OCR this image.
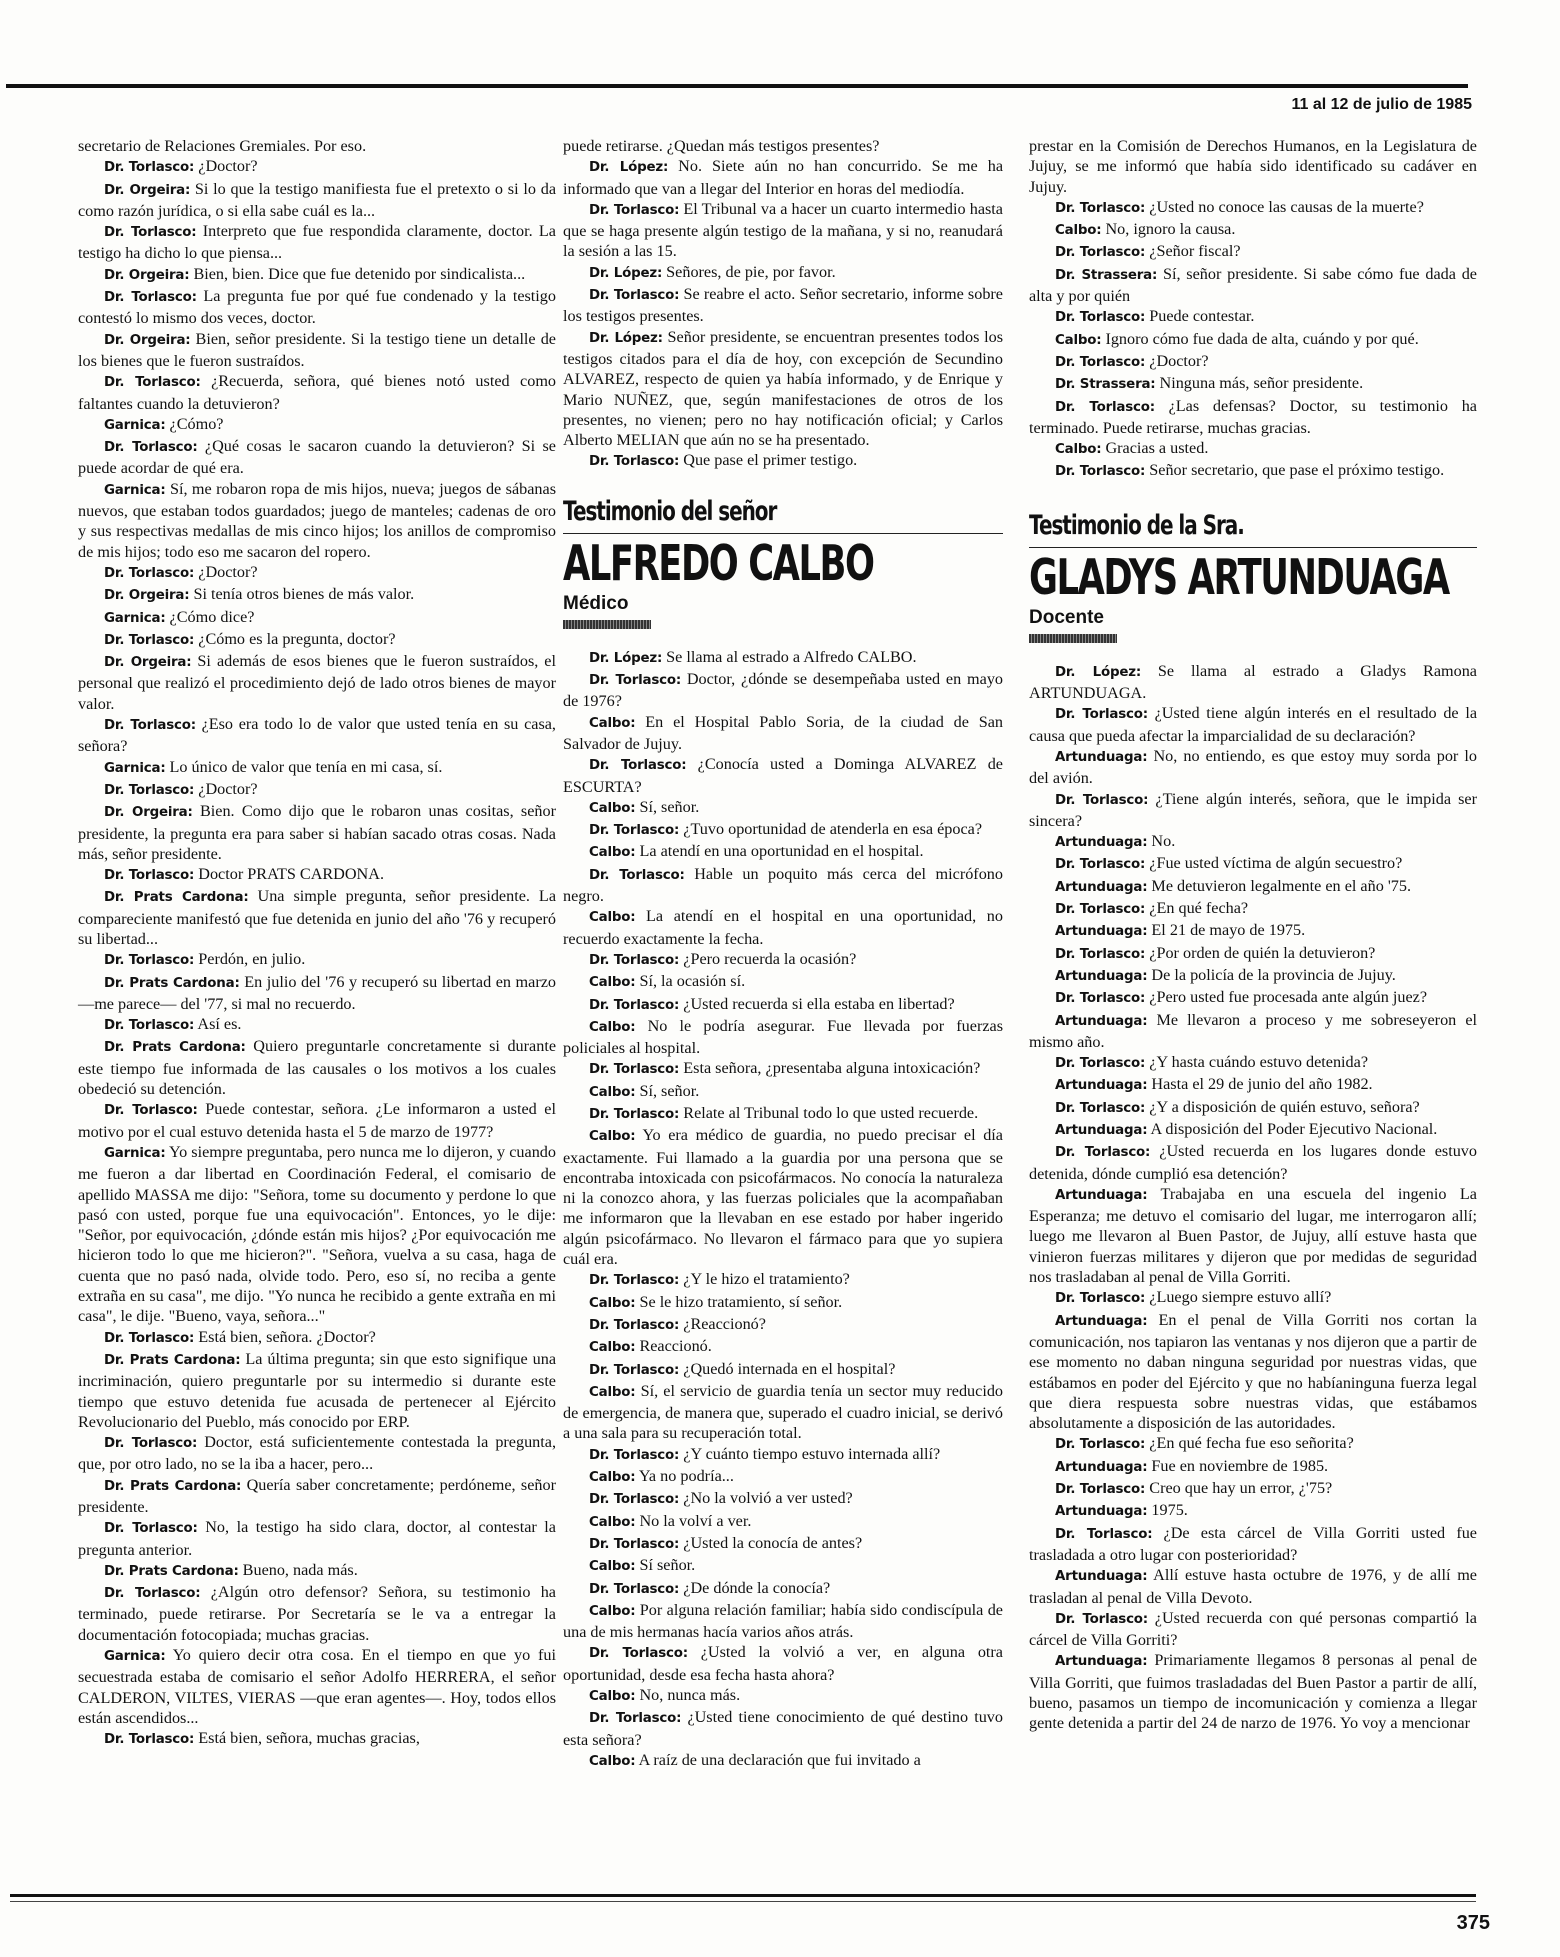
11 al 12 de julio de 1985

secretario de Relaciones Gremiales. Por eso.

Dr. Torlasco: ¿Doctor?

Dr. Orgeira: Si lo que la testigo manifiesta fue el pretexto o si lo da como razón jurídica, o si ella sabe cuál es la...

Dr. Torlasco: Interpreto que fue respondida claramente, doctor. La testigo ha dicho lo que piensa...

Dr. Orgeira: Bien, bien. Dice que fue detenido por sindicalista...

Dr. Torlasco: La pregunta fue por qué fue condenado y la testigo contestó lo mismo dos veces, doctor.

Dr. Orgeira: Bien, señor presidente. Si la testigo tiene un detalle de los bienes que le fueron sustraídos.

Dr. Torlasco: ¿Recuerda, señora, qué bienes notó usted como faltantes cuando la detuvieron?

Garnica: ¿Cómo?

Dr. Torlasco: ¿Qué cosas le sacaron cuando la detuvieron? Si se puede acordar de qué era.

Garnica: Sí, me robaron ropa de mis hijos, nueva; juegos de sábanas nuevos, que estaban todos guardados; juego de manteles; cadenas de oro y sus respectivas medallas de mis cinco hijos; los anillos de compromiso de mis hijos; todo eso me sacaron del ropero.

Dr. Torlasco: ¿Doctor?

Dr. Orgeira: Si tenía otros bienes de más valor.

Garnica: ¿Cómo dice?

Dr. Torlasco: ¿Cómo es la pregunta, doctor?

Dr. Orgeira: Si además de esos bienes que le fueron sustraídos, el personal que realizó el procedimiento dejó de lado otros bienes de mayor valor.

Dr. Torlasco: ¿Eso era todo lo de valor que usted tenía en su casa, señora?

Garnica: Lo único de valor que tenía en mi casa, sí.

Dr. Torlasco: ¿Doctor?

Dr. Orgeira: Bien. Como dijo que le robaron unas cositas, señor presidente, la pregunta era para saber si habían sacado otras cosas. Nada más, señor presidente.

Dr. Torlasco: Doctor PRATS CARDONA.

Dr. Prats Cardona: Una simple pregunta, señor presidente. La compareciente manifestó que fue detenida en junio del año '76 y recuperó su libertad...

Dr. Torlasco: Perdón, en julio.

Dr. Prats Cardona: En julio del '76 y recuperó su libertad en marzo —me parece— del '77, si mal no recuerdo.

Dr. Torlasco: Así es.

Dr. Prats Cardona: Quiero preguntarle concretamente si durante este tiempo fue informada de las causales o los motivos a los cuales obedeció su detención.

Dr. Torlasco: Puede contestar, señora. ¿Le informaron a usted el motivo por el cual estuvo detenida hasta el 5 de marzo de 1977?

Garnica: Yo siempre preguntaba, pero nunca me lo dijeron, y cuando me fueron a dar libertad en Coordinación Federal, el comisario de apellido MASSA me dijo: "Señora, tome su documento y perdone lo que pasó con usted, porque fue una equivocación". Entonces, yo le dije: "Señor, por equivocación, ¿dónde están mis hijos? ¿Por equivocación me hicieron todo lo que me hicieron?". "Señora, vuelva a su casa, haga de cuenta que no pasó nada, olvide todo. Pero, eso sí, no reciba a gente extraña en su casa", me dijo. "Yo nunca he recibido a gente extraña en mi casa", le dije. "Bueno, vaya, señora..."

Dr. Torlasco: Está bien, señora. ¿Doctor?

Dr. Prats Cardona: La última pregunta; sin que esto signifique una incriminación, quiero preguntarle por su intermedio si durante este tiempo que estuvo detenida fue acusada de pertenecer al Ejército Revolucionario del Pueblo, más conocido por ERP.

Dr. Torlasco: Doctor, está suficientemente contestada la pregunta, que, por otro lado, no se la iba a hacer, pero...

Dr. Prats Cardona: Quería saber concretamente; perdóneme, señor presidente.

Dr. Torlasco: No, la testigo ha sido clara, doctor, al contestar la pregunta anterior.

Dr. Prats Cardona: Bueno, nada más.

Dr. Torlasco: ¿Algún otro defensor? Señora, su testimonio ha terminado, puede retirarse. Por Secretaría se le va a entregar la documentación fotocopiada; muchas gracias.

Garnica: Yo quiero decir otra cosa. En el tiempo en que yo fui secuestrada estaba de comisario el señor Adolfo HERRERA, el señor CALDERON, VILTES, VIERAS —que eran agentes—. Hoy, todos ellos están ascendidos...

Dr. Torlasco: Está bien, señora, muchas gracias,

puede retirarse. ¿Quedan más testigos presentes?

Dr. López: No. Siete aún no han concurrido. Se me ha informado que van a llegar del Interior en horas del mediodía.

Dr. Torlasco: El Tribunal va a hacer un cuarto intermedio hasta que se haga presente algún testigo de la mañana, y si no, reanudará la sesión a las 15.

Dr. López: Señores, de pie, por favor.

Dr. Torlasco: Se reabre el acto. Señor secretario, informe sobre los testigos presentes.

Dr. López: Señor presidente, se encuentran presentes todos los testigos citados para el día de hoy, con excepción de Secundino ALVAREZ, respecto de quien ya había informado, y de Enrique y Mario NUÑEZ, que, según manifestaciones de otros de los presentes, no vienen; pero no hay notificación oficial; y Carlos Alberto MELIAN que aún no se ha presentado.

Dr. Torlasco: Que pase el primer testigo.

Testimonio del señor
ALFREDO CALBO
Médico

Dr. López: Se llama al estrado a Alfredo CALBO.

Dr. Torlasco: Doctor, ¿dónde se desempeñaba usted en mayo de 1976?

Calbo: En el Hospital Pablo Soria, de la ciudad de San Salvador de Jujuy.

Dr. Torlasco: ¿Conocía usted a Dominga ALVAREZ de ESCURTA?

Calbo: Sí, señor.

Dr. Torlasco: ¿Tuvo oportunidad de atenderla en esa época?

Calbo: La atendí en una oportunidad en el hospital.

Dr. Torlasco: Hable un poquito más cerca del micrófono negro.

Calbo: La atendí en el hospital en una oportunidad, no recuerdo exactamente la fecha.

Dr. Torlasco: ¿Pero recuerda la ocasión?

Calbo: Sí, la ocasión sí.

Dr. Torlasco: ¿Usted recuerda si ella estaba en libertad?

Calbo: No le podría asegurar. Fue llevada por fuerzas policiales al hospital.

Dr. Torlasco: Esta señora, ¿presentaba alguna intoxicación?

Calbo: Sí, señor.

Dr. Torlasco: Relate al Tribunal todo lo que usted recuerde.

Calbo: Yo era médico de guardia, no puedo precisar el día exactamente. Fui llamado a la guardia por una persona que se encontraba intoxicada con psicofármacos. No conocía la naturaleza ni la conozco ahora, y las fuerzas policiales que la acompañaban me informaron que la llevaban en ese estado por haber ingerido algún psicofármaco. No llevaron el fármaco para que yo supiera cuál era.

Dr. Torlasco: ¿Y le hizo el tratamiento?

Calbo: Se le hizo tratamiento, sí señor.

Dr. Torlasco: ¿Reaccionó?

Calbo: Reaccionó.

Dr. Torlasco: ¿Quedó internada en el hospital?

Calbo: Sí, el servicio de guardia tenía un sector muy reducido de emergencia, de manera que, superado el cuadro inicial, se derivó a una sala para su recuperación total.

Dr. Torlasco: ¿Y cuánto tiempo estuvo internada allí?

Calbo: Ya no podría...

Dr. Torlasco: ¿No la volvió a ver usted?

Calbo: No la volví a ver.

Dr. Torlasco: ¿Usted la conocía de antes?

Calbo: Sí señor.

Dr. Torlasco: ¿De dónde la conocía?

Calbo: Por alguna relación familiar; había sido condiscípula de una de mis hermanas hacía varios años atrás.

Dr. Torlasco: ¿Usted la volvió a ver, en alguna otra oportunidad, desde esa fecha hasta ahora?

Calbo: No, nunca más.

Dr. Torlasco: ¿Usted tiene conocimiento de qué destino tuvo esta señora?

Calbo: A raíz de una declaración que fui invitado a

prestar en la Comisión de Derechos Humanos, en la Legislatura de Jujuy, se me informó que había sido identificado su cadáver en Jujuy.

Dr. Torlasco: ¿Usted no conoce las causas de la muerte?

Calbo: No, ignoro la causa.

Dr. Torlasco: ¿Señor fiscal?

Dr. Strassera: Sí, señor presidente. Si sabe cómo fue dada de alta y por quién

Dr. Torlasco: Puede contestar.

Calbo: Ignoro cómo fue dada de alta, cuándo y por qué.

Dr. Torlasco: ¿Doctor?

Dr. Strassera: Ninguna más, señor presidente.

Dr. Torlasco: ¿Las defensas? Doctor, su testimonio ha terminado. Puede retirarse, muchas gracias.

Calbo: Gracias a usted.

Dr. Torlasco: Señor secretario, que pase el próximo testigo.

Testimonio de la Sra.
GLADYS ARTUNDUAGA
Docente

Dr. López: Se llama al estrado a Gladys Ramona ARTUNDUAGA.

Dr. Torlasco: ¿Usted tiene algún interés en el resultado de la causa que pueda afectar la imparcialidad de su declaración?

Artunduaga: No, no entiendo, es que estoy muy sorda por lo del avión.

Dr. Torlasco: ¿Tiene algún interés, señora, que le impida ser sincera?

Artunduaga: No.

Dr. Torlasco: ¿Fue usted víctima de algún secuestro?

Artunduaga: Me detuvieron legalmente en el año '75.

Dr. Torlasco: ¿En qué fecha?

Artunduaga: El 21 de mayo de 1975.

Dr. Torlasco: ¿Por orden de quién la detuvieron?

Artunduaga: De la policía de la provincia de Jujuy.

Dr. Torlasco: ¿Pero usted fue procesada ante algún juez?

Artunduaga: Me llevaron a proceso y me sobreseyeron el mismo año.

Dr. Torlasco: ¿Y hasta cuándo estuvo detenida?

Artunduaga: Hasta el 29 de junio del año 1982.

Dr. Torlasco: ¿Y a disposición de quién estuvo, señora?

Artunduaga: A disposición del Poder Ejecutivo Nacional.

Dr. Torlasco: ¿Usted recuerda en los lugares donde estuvo detenida, dónde cumplió esa detención?

Artunduaga: Trabajaba en una escuela del ingenio La Esperanza; me detuvo el comisario del lugar, me interrogaron allí; luego me llevaron al Buen Pastor, de Jujuy, allí estuve hasta que vinieron fuerzas militares y dijeron que por medidas de seguridad nos trasladaban al penal de Villa Gorriti.

Dr. Torlasco: ¿Luego siempre estuvo allí?

Artunduaga: En el penal de Villa Gorriti nos cortan la comunicación, nos tapiaron las ventanas y nos dijeron que a partir de ese momento no daban ninguna seguridad por nuestras vidas, que estábamos en poder del Ejército y que no habíaninguna fuerza legal que diera respuesta sobre nuestras vidas, que estábamos absolutamente a disposición de las autoridades.

Dr. Torlasco: ¿En qué fecha fue eso señorita?

Artunduaga: Fue en noviembre de 1985.

Dr. Torlasco: Creo que hay un error, ¿'75?

Artunduaga: 1975.

Dr. Torlasco: ¿De esta cárcel de Villa Gorriti usted fue trasladada a otro lugar con posterioridad?

Artunduaga: Allí estuve hasta octubre de 1976, y de allí me trasladan al penal de Villa Devoto.

Dr. Torlasco: ¿Usted recuerda con qué personas compartió la cárcel de Villa Gorriti?

Artunduaga: Primariamente llegamos 8 personas al penal de Villa Gorriti, que fuimos trasladadas del Buen Pastor a partir de allí, bueno, pasamos un tiempo de incomunicación y comienza a llegar gente detenida a partir del 24 de narzo de 1976. Yo voy a mencionar

375
